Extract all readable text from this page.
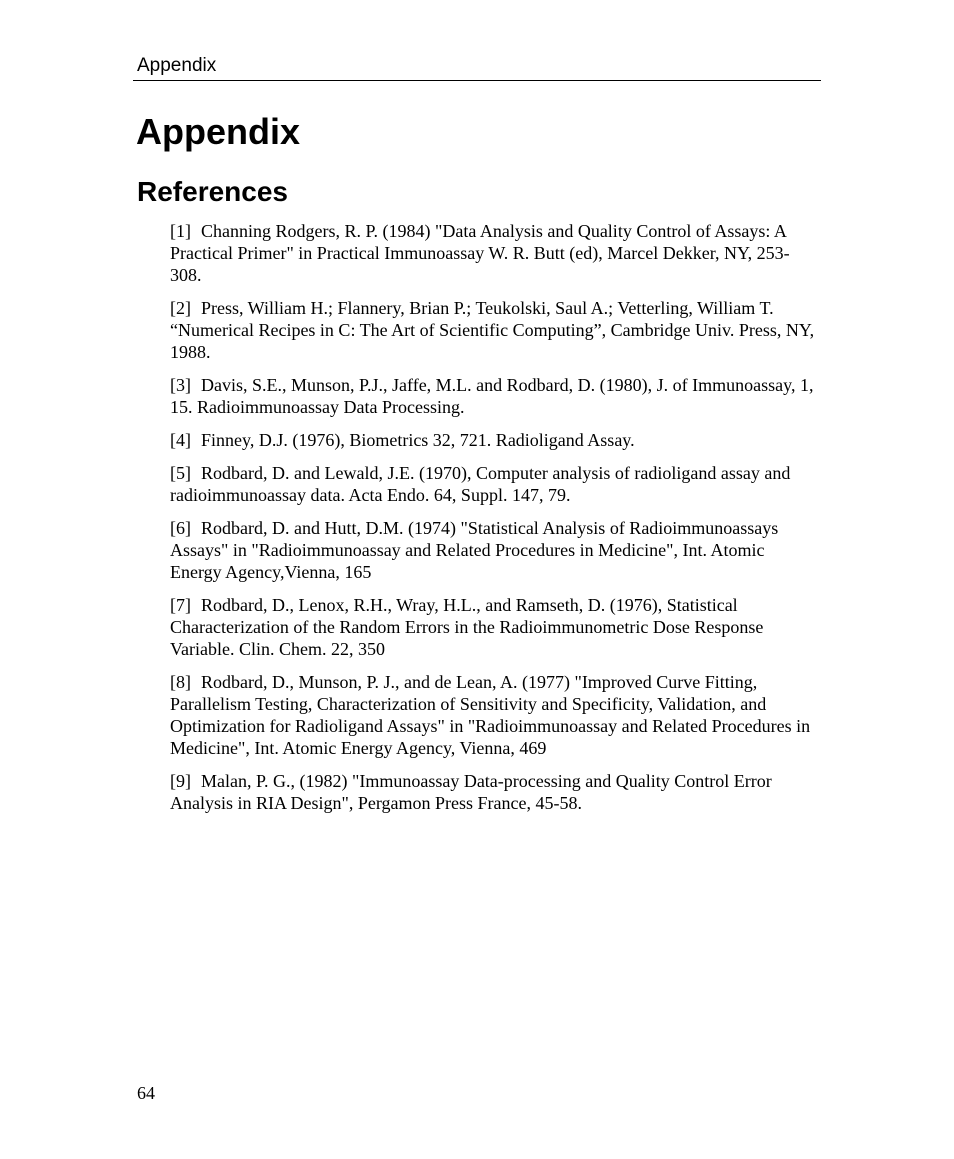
Appendix
Appendix
References
[1] Channing Rodgers, R. P. (1984) "Data Analysis and Quality Control of Assays: A Practical Primer" in Practical Immunoassay W. R. Butt (ed), Marcel Dekker, NY, 253-308.
[2] Press, William H.; Flannery, Brian P.; Teukolski, Saul A.; Vetterling, William T. “Numerical Recipes in C: The Art of Scientific Computing”, Cambridge Univ. Press, NY, 1988.
[3] Davis, S.E., Munson, P.J., Jaffe, M.L. and Rodbard, D. (1980), J. of Immunoassay, 1, 15. Radioimmunoassay Data Processing.
[4] Finney, D.J. (1976), Biometrics 32, 721. Radioligand Assay.
[5] Rodbard, D. and Lewald, J.E. (1970), Computer analysis of radioligand assay and radioimmunoassay data. Acta Endo. 64, Suppl. 147, 79.
[6] Rodbard, D. and Hutt, D.M. (1974) "Statistical Analysis of Radioimmunoassays Assays" in "Radioimmunoassay and Related Procedures in Medicine", Int. Atomic Energy Agency,Vienna, 165
[7] Rodbard, D., Lenox, R.H., Wray, H.L., and Ramseth, D. (1976), Statistical Characterization of the Random Errors in the Radioimmunometric Dose Response Variable. Clin. Chem. 22, 350
[8] Rodbard, D., Munson, P. J., and de Lean, A. (1977) "Improved Curve Fitting, Parallelism Testing, Characterization of Sensitivity and Specificity, Validation, and Optimization for Radioligand Assays" in "Radioimmunoassay and Related Procedures in Medicine", Int. Atomic Energy Agency, Vienna, 469
[9] Malan, P. G., (1982) "Immunoassay Data-processing and Quality Control Error Analysis in RIA Design", Pergamon Press France, 45-58.
64
